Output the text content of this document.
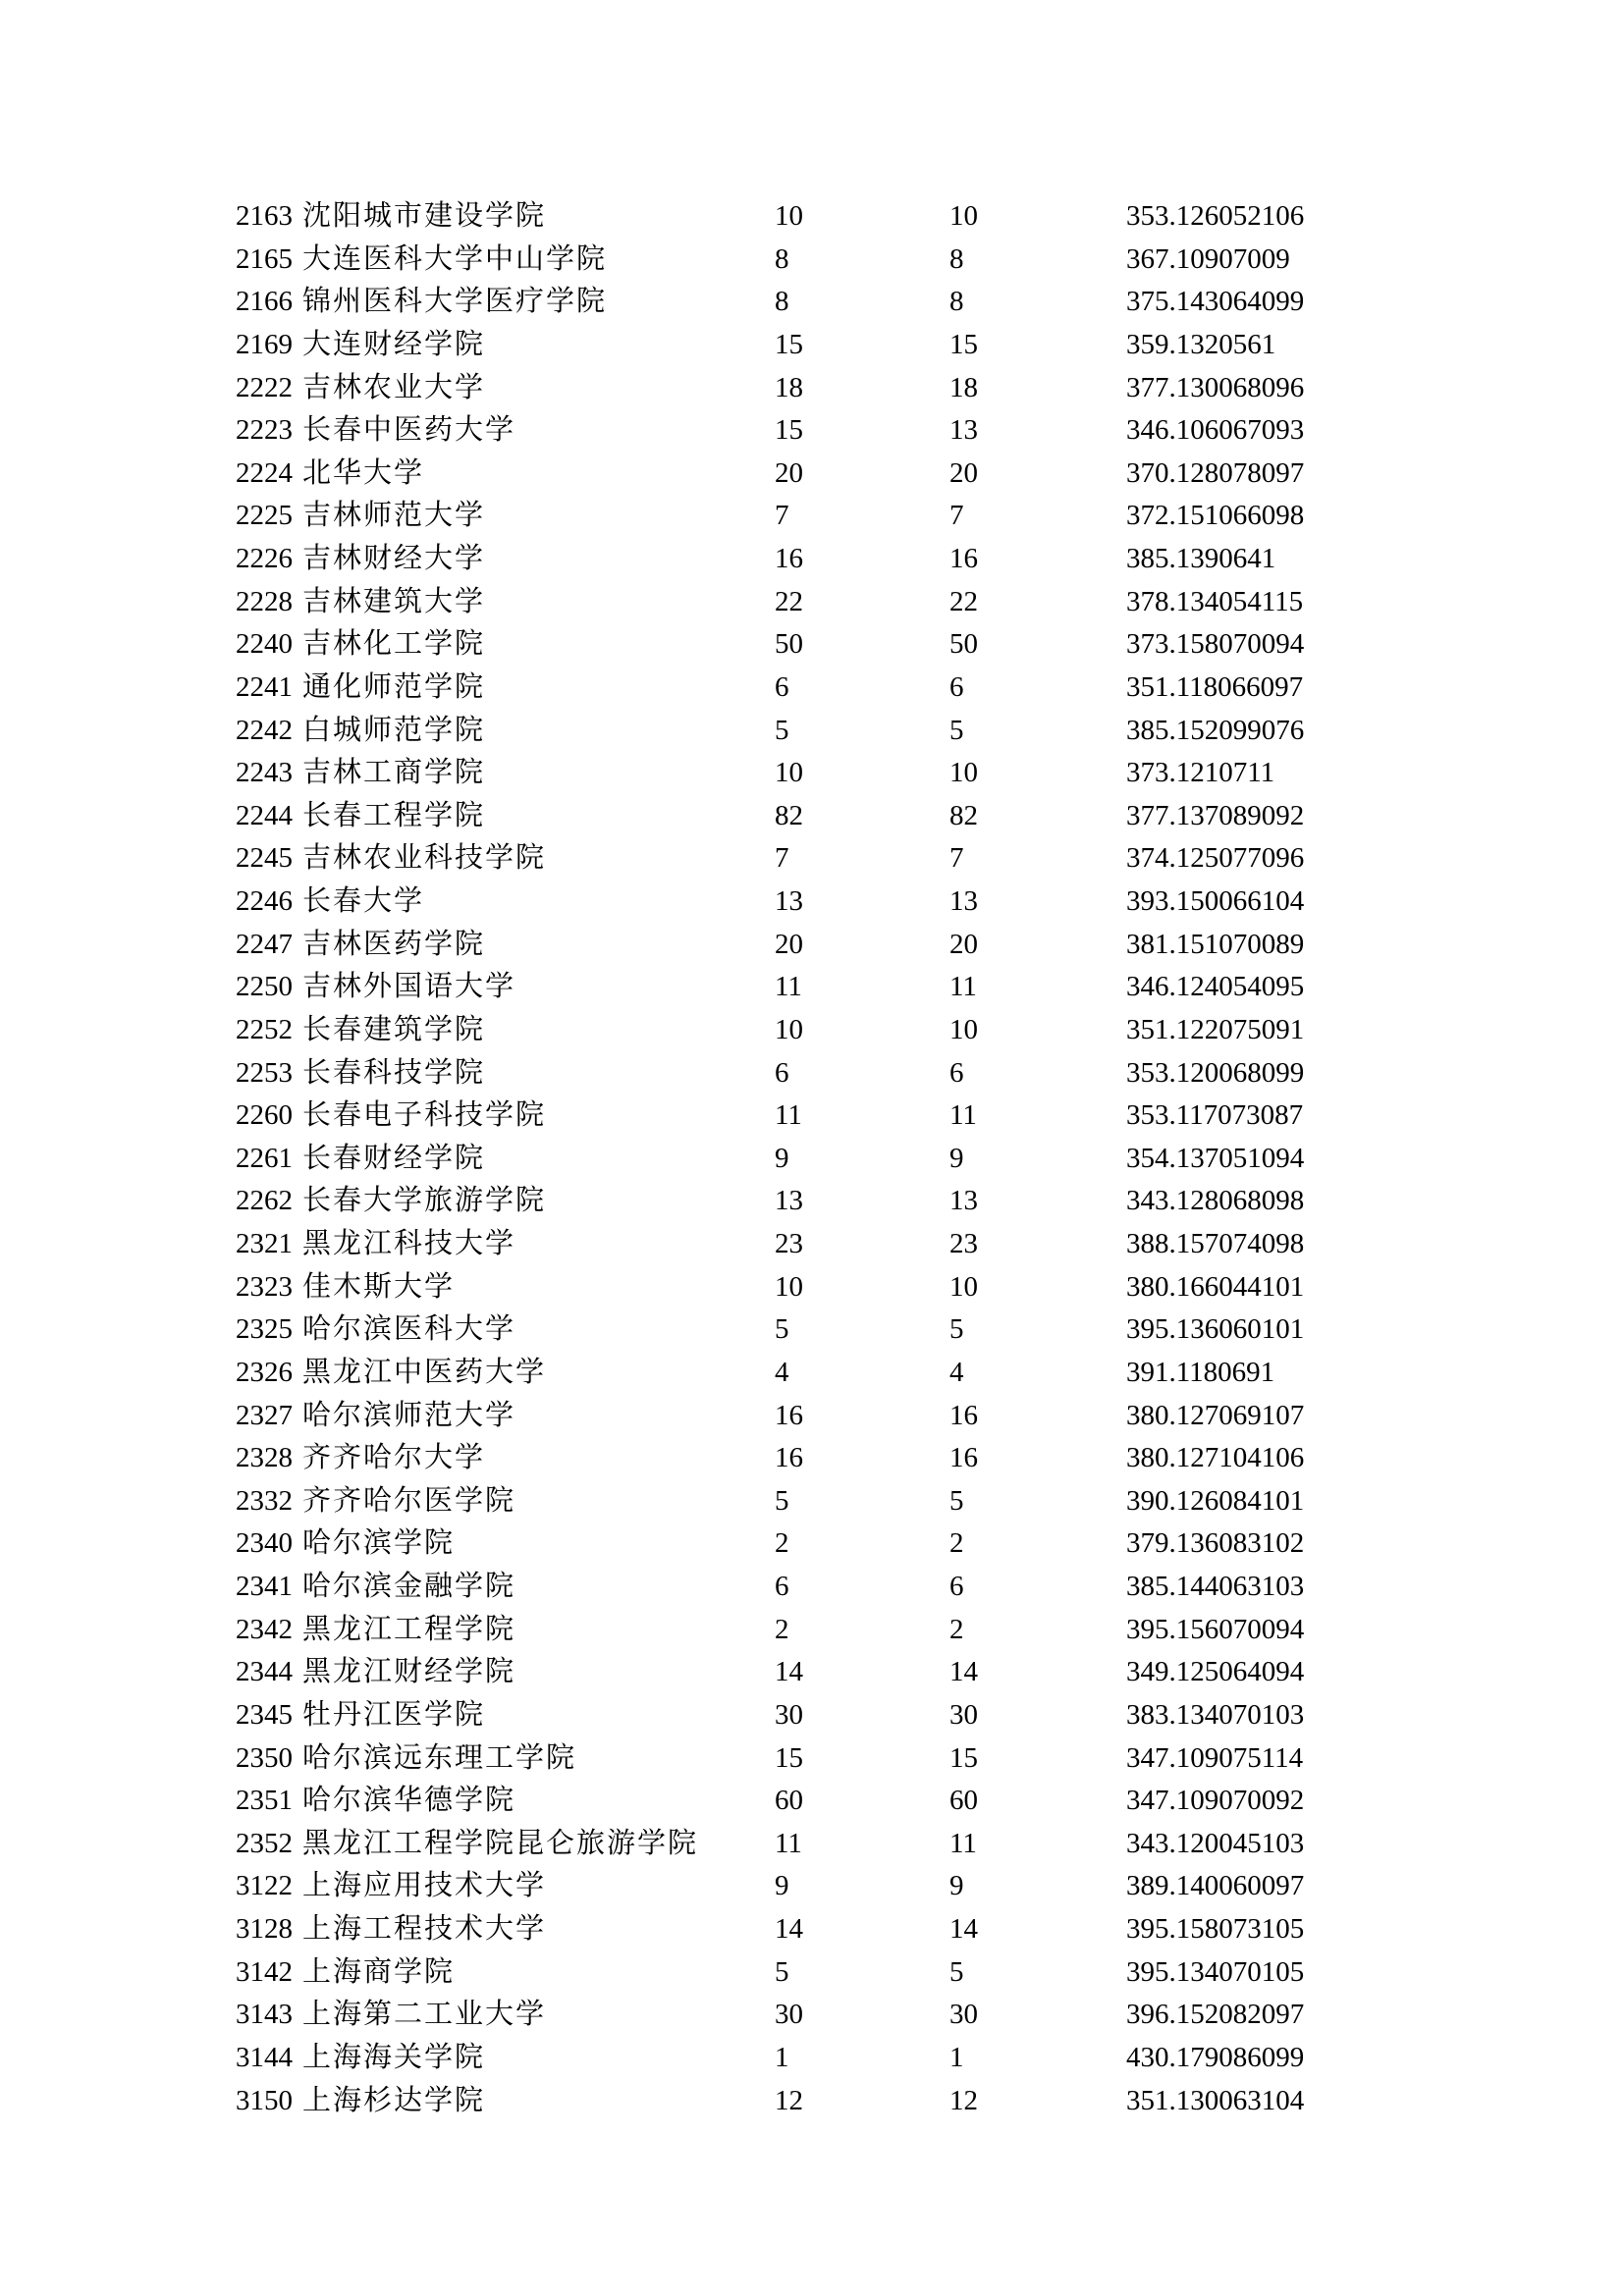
2163 沈阳城市建设学院	10	10	353.126052106
2165 大连医科大学中山学院	8	8	367.10907009
2166 锦州医科大学医疗学院	8	8	375.143064099
2169 大连财经学院	15	15	359.1320561
2222 吉林农业大学	18	18	377.130068096
2223 长春中医药大学	15	13	346.106067093
2224 北华大学	20	20	370.128078097
2225 吉林师范大学	7	7	372.151066098
2226 吉林财经大学	16	16	385.1390641
2228 吉林建筑大学	22	22	378.134054115
2240 吉林化工学院	50	50	373.158070094
2241 通化师范学院	6	6	351.118066097
2242 白城师范学院	5	5	385.152099076
2243 吉林工商学院	10	10	373.1210711
2244 长春工程学院	82	82	377.137089092
2245 吉林农业科技学院	7	7	374.125077096
2246 长春大学	13	13	393.150066104
2247 吉林医药学院	20	20	381.151070089
2250 吉林外国语大学	11	11	346.124054095
2252 长春建筑学院	10	10	351.122075091
2253 长春科技学院	6	6	353.120068099
2260 长春电子科技学院	11	11	353.117073087
2261 长春财经学院	9	9	354.137051094
2262 长春大学旅游学院	13	13	343.128068098
2321 黑龙江科技大学	23	23	388.157074098
2323 佳木斯大学	10	10	380.166044101
2325 哈尔滨医科大学	5	5	395.136060101
2326 黑龙江中医药大学	4	4	391.1180691
2327 哈尔滨师范大学	16	16	380.127069107
2328 齐齐哈尔大学	16	16	380.127104106
2332 齐齐哈尔医学院	5	5	390.126084101
2340 哈尔滨学院	2	2	379.136083102
2341 哈尔滨金融学院	6	6	385.144063103
2342 黑龙江工程学院	2	2	395.156070094
2344 黑龙江财经学院	14	14	349.125064094
2345 牡丹江医学院	30	30	383.134070103
2350 哈尔滨远东理工学院	15	15	347.109075114
2351 哈尔滨华德学院	60	60	347.109070092
2352 黑龙江工程学院昆仑旅游学院	11	11	343.120045103
3122 上海应用技术大学	9	9	389.140060097
3128 上海工程技术大学	14	14	395.158073105
3142 上海商学院	5	5	395.134070105
3143 上海第二工业大学	30	30	396.152082097
3144 上海海关学院	1	1	430.179086099
3150 上海杉达学院	12	12	351.130063104
